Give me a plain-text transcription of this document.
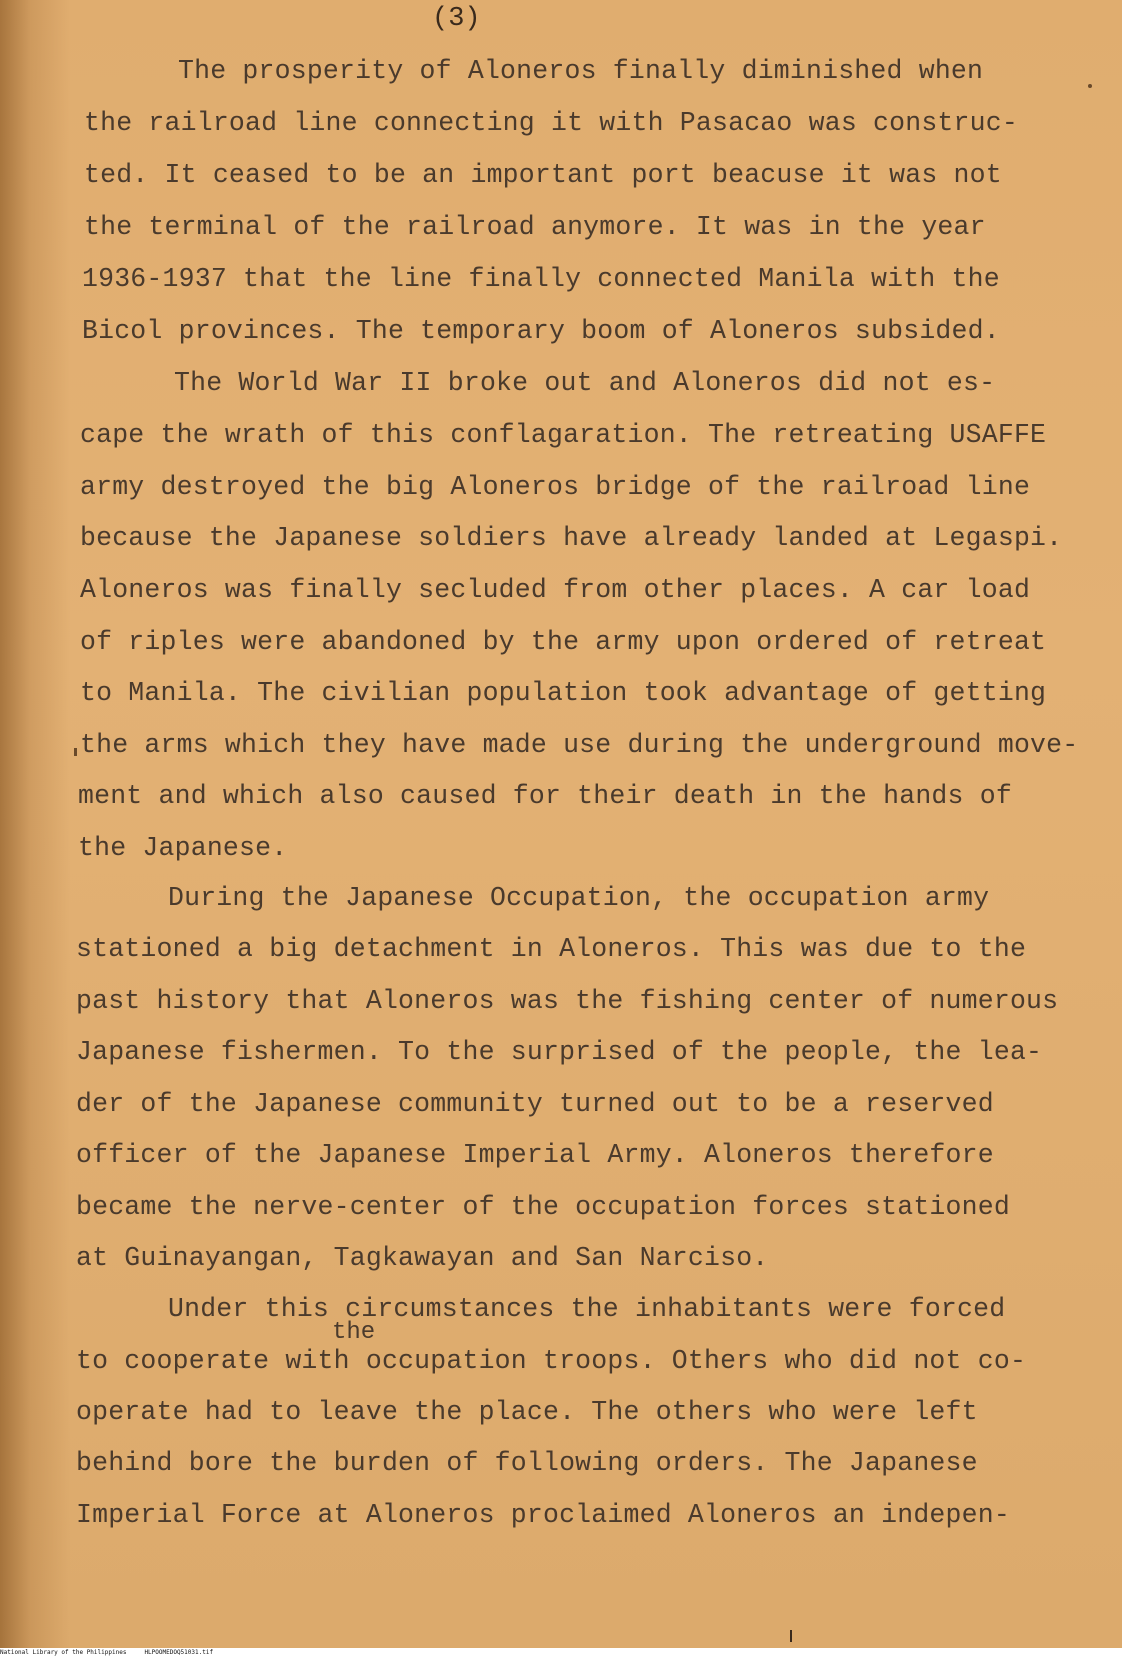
(3)
The prosperity of Aloneros finally diminished when
the railroad line connecting it with Pasacao was construc-
ted. It ceased to be an important port beacuse it was not
the terminal of the railroad anymore. It was in the year
1936-1937 that the line finally connected Manila with the
Bicol provinces. The temporary boom of Aloneros subsided.
The World War II broke out and Aloneros did not es-
cape the wrath of this conflagaration. The retreating USAFFE
army destroyed the big Aloneros bridge of the railroad line
because the Japanese soldiers have already landed at Legaspi.
Aloneros was finally secluded from other places. A car load
of riples were abandoned by the army upon ordered of retreat
to Manila. The civilian population took advantage of getting
the arms which they have made use during the underground move-
ment and which also caused for their death in the hands of
the Japanese.
During the Japanese Occupation, the occupation army
stationed a big detachment in Aloneros. This was due to the
past history that Aloneros was the fishing center of numerous
Japanese fishermen. To the surprised of the people, the lea-
der of the Japanese community turned out to be a reserved
officer of the Japanese Imperial Army. Aloneros therefore
became the nerve-center of the occupation forces stationed
at Guinayangan, Tagkawayan and San Narciso.
Under this circumstances the inhabitants were forced
the
to cooperate with occupation troops. Others who did not co-
operate had to leave the place. The others who were left
behind bore the burden of following orders. The Japanese
Imperial Force at Aloneros proclaimed Aloneros an indepen-
National Library of the Philippines	HLPOOMEDOQ51031.tif
